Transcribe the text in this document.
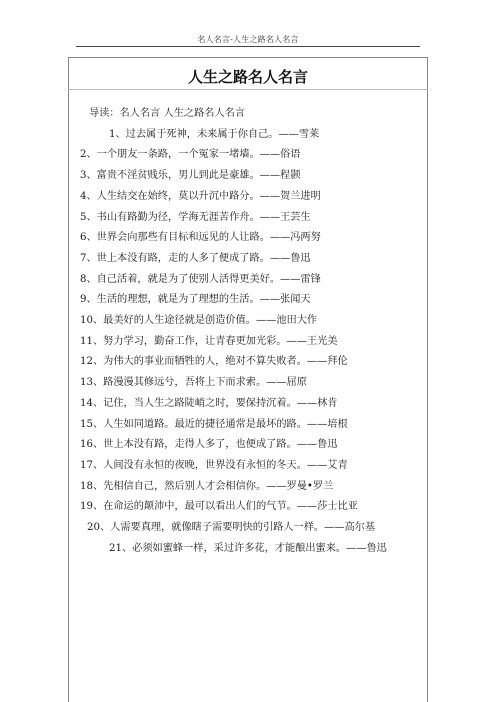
名人名言-人生之路名人名言
人生之路名人名言
导读：名人名言 人生之路名人名言
1、过去属于死神，未来属于你自己。——雪莱
2、一个朋友一条路，一个冤家一堵墙。——俗语
3、富贵不淫贫贱乐，男儿到此是豪雄。——程颢
4、人生结交在始终，莫以升沉中路分。——贺兰进明
5、书山有路勤为径，学海无涯苦作舟。——王芸生
6、世界会向那些有目标和远见的人让路。——冯两努
7、世上本没有路，走的人多了便成了路。——鲁迅
8、自己活着，就是为了使别人活得更美好。——雷锋
9、生活的理想，就是为了理想的生活。——张闻天
10、最美好的人生途径就是创造价值。——池田大作
11、努力学习，勤奋工作，让青春更加光彩。——王光美
12、为伟大的事业而牺牲的人，绝对不算失败者。——拜伦
13、路漫漫其修远兮，吾将上下而求索。——屈原
14、记住，当人生之路陡峭之时，要保持沉着。——林肯
15、人生如同道路。最近的捷径通常是最坏的路。——培根
16、世上本没有路，走得人多了，也便成了路。——鲁迅
17、人间没有永恒的夜晚，世界没有永恒的冬天。——艾青
18、先相信自己，然后别人才会相信你。——罗曼•罗兰
19、在命运的颠沛中，最可以看出人们的气节。——莎士比亚
20、人需要真理，就像瞎子需要明快的引路人一样。——高尔基
21、必须如蜜蜂一样，采过许多花，才能酿出蜜来。——鲁迅
